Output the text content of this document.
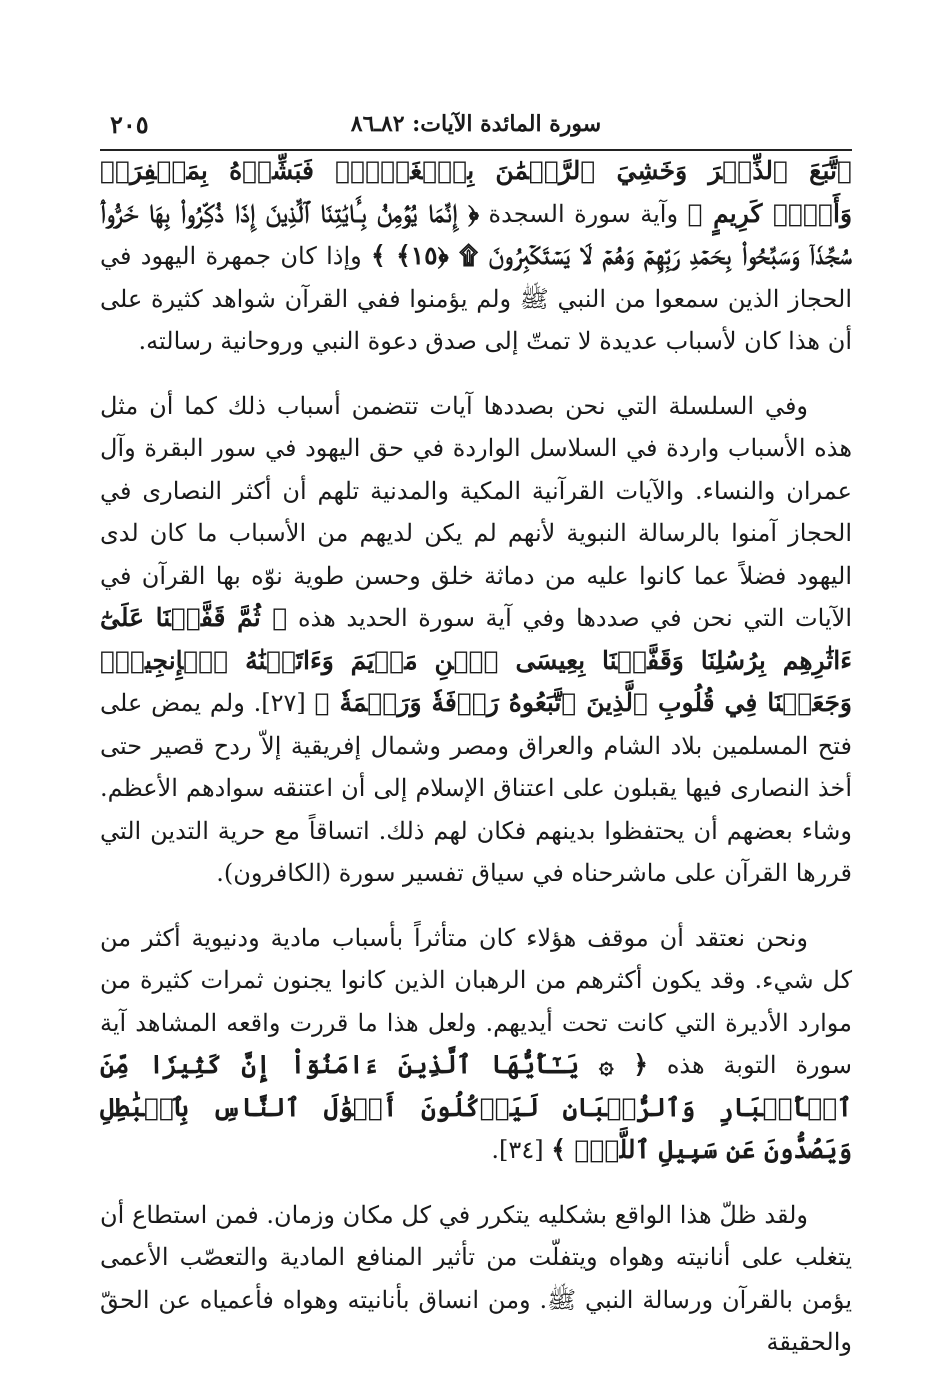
سورة المائدة الآيات: ٨٢ـ٨٦
٢٠٥

ٱتَّبَعَ ٱلذِّكۡرَ وَخَشِيَ ٱلرَّحۡمَٰنَ بِٱلۡغَيۡبِۖ فَبَشِّرۡهُ بِمَغۡفِرَةٖ وَأَجۡرٖ كَرِيمٍ ﴾ وآية سورة السجدة ﴿ إِنَّمَا يُؤۡمِنُ بِـَٔايَٰتِنَا ٱلَّذِينَ إِذَا ذُكِّرُواْ بِهَا خَرُّواْۤ سُجَّدٗاۤ وَسَبَّحُواْ بِحَمۡدِ رَبِّهِمۡ وَهُمۡ لَا يَسۡتَكۡبِرُونَ ۩ ﴿١٥﴾ ﴾ وإذا كان جمهرة اليهود في الحجاز الذين سمعوا من النبي ﷺ ولم يؤمنوا ففي القرآن شواهد كثيرة على أن هذا كان لأسباب عديدة لا تمتّ إلى صدق دعوة النبي وروحانية رسالته.

وفي السلسلة التي نحن بصددها آيات تتضمن أسباب ذلك كما أن مثل هذه الأسباب واردة في السلاسل الواردة في حق اليهود في سور البقرة وآل عمران والنساء. والآيات القرآنية المكية والمدنية تلهم أن أكثر النصارى في الحجاز آمنوا بالرسالة النبوية لأنهم لم يكن لديهم من الأسباب ما كان لدى اليهود فضلاً عما كانوا عليه من دماثة خلق وحسن طوية نوّه بها القرآن في الآيات التي نحن في صددها وفي آية سورة الحديد هذه ﴿ ثُمَّ قَفَّيۡنَا عَلَىٰٓ ءَاثَٰرِهِم بِرُسُلِنَا وَقَفَّيۡنَا بِعِيسَى ٱبۡنِ مَرۡيَمَ وَءَاتَيۡنَٰهُ ٱلۡإِنجِيلَۖ وَجَعَلۡنَا فِي قُلُوبِ ٱلَّذِينَ ٱتَّبَعُوهُ رَأۡفَةٗ وَرَحۡمَةٗ ﴾ [٢٧]. ولم يمض على فتح المسلمين بلاد الشام والعراق ومصر وشمال إفريقية إلاّ ردح قصير حتى أخذ النصارى فيها يقبلون على اعتناق الإسلام إلى أن اعتنقه سوادهم الأعظم. وشاء بعضهم أن يحتفظوا بدينهم فكان لهم ذلك. اتساقاً مع حرية التدين التي قررها القرآن على ماشرحناه في سياق تفسير سورة (الكافرون).

ونحن نعتقد أن موقف هؤلاء كان متأثراً بأسباب مادية ودنيوية أكثر من كل شيء. وقد يكون أكثرهم من الرهبان الذين كانوا يجنون ثمرات كثيرة من موارد الأديرة التي كانت تحت أيديهم. ولعل هذا ما قررت واقعه المشاهد آية سورة التوبة هذه ﴿ ۞ يَـٰٓأَيُّهَا ٱلَّذِينَ ءَامَنُوٓاْ إِنَّ كَثِيرٗا مِّنَ ٱلۡأَحۡبَارِ وَٱلرُّهۡبَانِ لَيَأۡكُلُونَ أَمۡوَٰلَ ٱلنَّاسِ بِٱلۡبَٰطِلِ وَيَصُدُّونَ عَن سَبِيلِ ٱللَّهِۗ ﴾ [٣٤].

ولقد ظلّ هذا الواقع بشكليه يتكرر في كل مكان وزمان. فمن استطاع أن يتغلب على أنانيته وهواه ويتفلّت من تأثير المنافع المادية والتعصّب الأعمى يؤمن بالقرآن ورسالة النبي ﷺ. ومن انساق بأنانيته وهواه فأعمياه عن الحقّ والحقيقة
